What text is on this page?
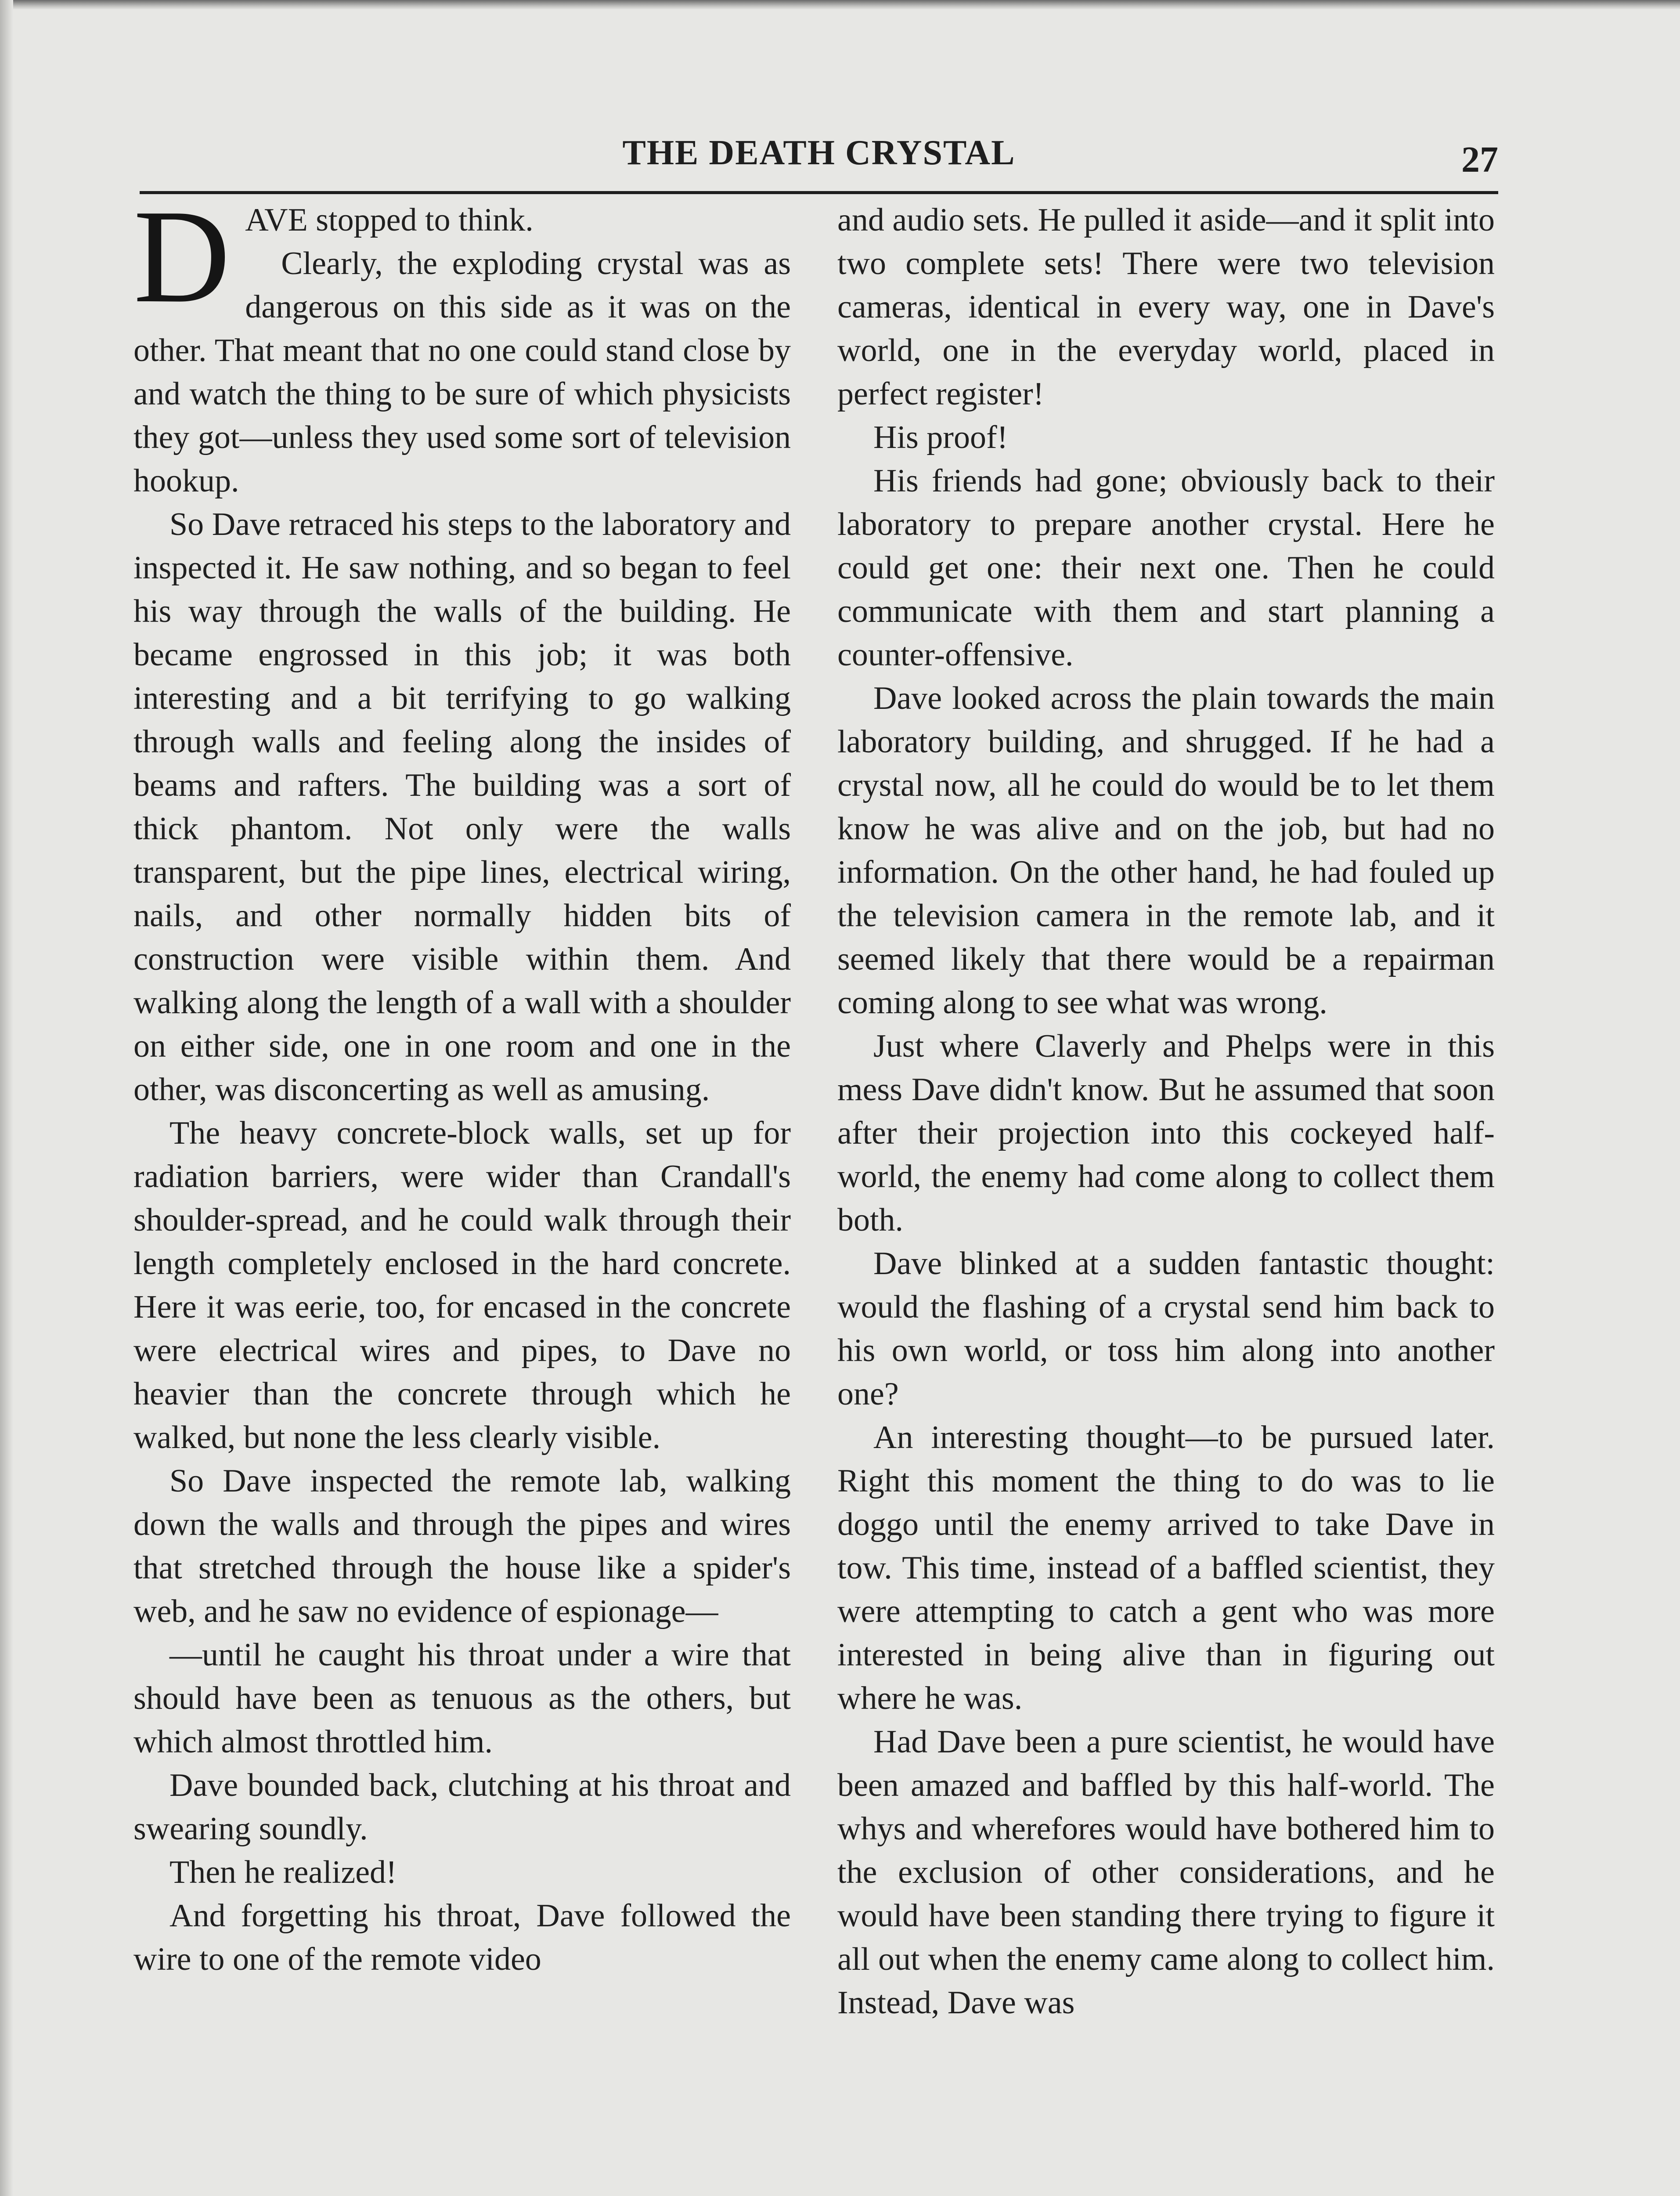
THE DEATH CRYSTAL	27

DAVE stopped to think.

Clearly, the exploding crystal was as dangerous on this side as it was on the other. That meant that no one could stand close by and watch the thing to be sure of which physicists they got—unless they used some sort of television hookup.

So Dave retraced his steps to the laboratory and inspected it. He saw nothing, and so began to feel his way through the walls of the building. He became engrossed in this job; it was both interesting and a bit terrifying to go walking through walls and feeling along the insides of beams and rafters. The building was a sort of thick phantom. Not only were the walls transparent, but the pipe lines, electrical wiring, nails, and other normally hidden bits of construction were visible within them. And walking along the length of a wall with a shoulder on either side, one in one room and one in the other, was disconcerting as well as amusing.

The heavy concrete-block walls, set up for radiation barriers, were wider than Crandall's shoulder-spread, and he could walk through their length completely enclosed in the hard concrete. Here it was eerie, too, for encased in the concrete were electrical wires and pipes, to Dave no heavier than the concrete through which he walked, but none the less clearly visible.

So Dave inspected the remote lab, walking down the walls and through the pipes and wires that stretched through the house like a spider's web, and he saw no evidence of espionage—

—until he caught his throat under a wire that should have been as tenuous as the others, but which almost throttled him.

Dave bounded back, clutching at his throat and swearing soundly.

Then he realized!

And forgetting his throat, Dave followed the wire to one of the remote video

and audio sets. He pulled it aside—and it split into two complete sets! There were two television cameras, identical in every way, one in Dave's world, one in the everyday world, placed in perfect register!

His proof!

His friends had gone; obviously back to their laboratory to prepare another crystal. Here he could get one: their next one. Then he could communicate with them and start planning a counter-offensive.

Dave looked across the plain towards the main laboratory building, and shrugged. If he had a crystal now, all he could do would be to let them know he was alive and on the job, but had no information. On the other hand, he had fouled up the television camera in the remote lab, and it seemed likely that there would be a repairman coming along to see what was wrong.

Just where Claverly and Phelps were in this mess Dave didn't know. But he assumed that soon after their projection into this cockeyed half-world, the enemy had come along to collect them both.

Dave blinked at a sudden fantastic thought: would the flashing of a crystal send him back to his own world, or toss him along into another one?

An interesting thought—to be pursued later. Right this moment the thing to do was to lie doggo until the enemy arrived to take Dave in tow. This time, instead of a baffled scientist, they were attempting to catch a gent who was more interested in being alive than in figuring out where he was.

Had Dave been a pure scientist, he would have been amazed and baffled by this half-world. The whys and wherefores would have bothered him to the exclusion of other considerations, and he would have been standing there trying to figure it all out when the enemy came along to collect him. Instead, Dave was
